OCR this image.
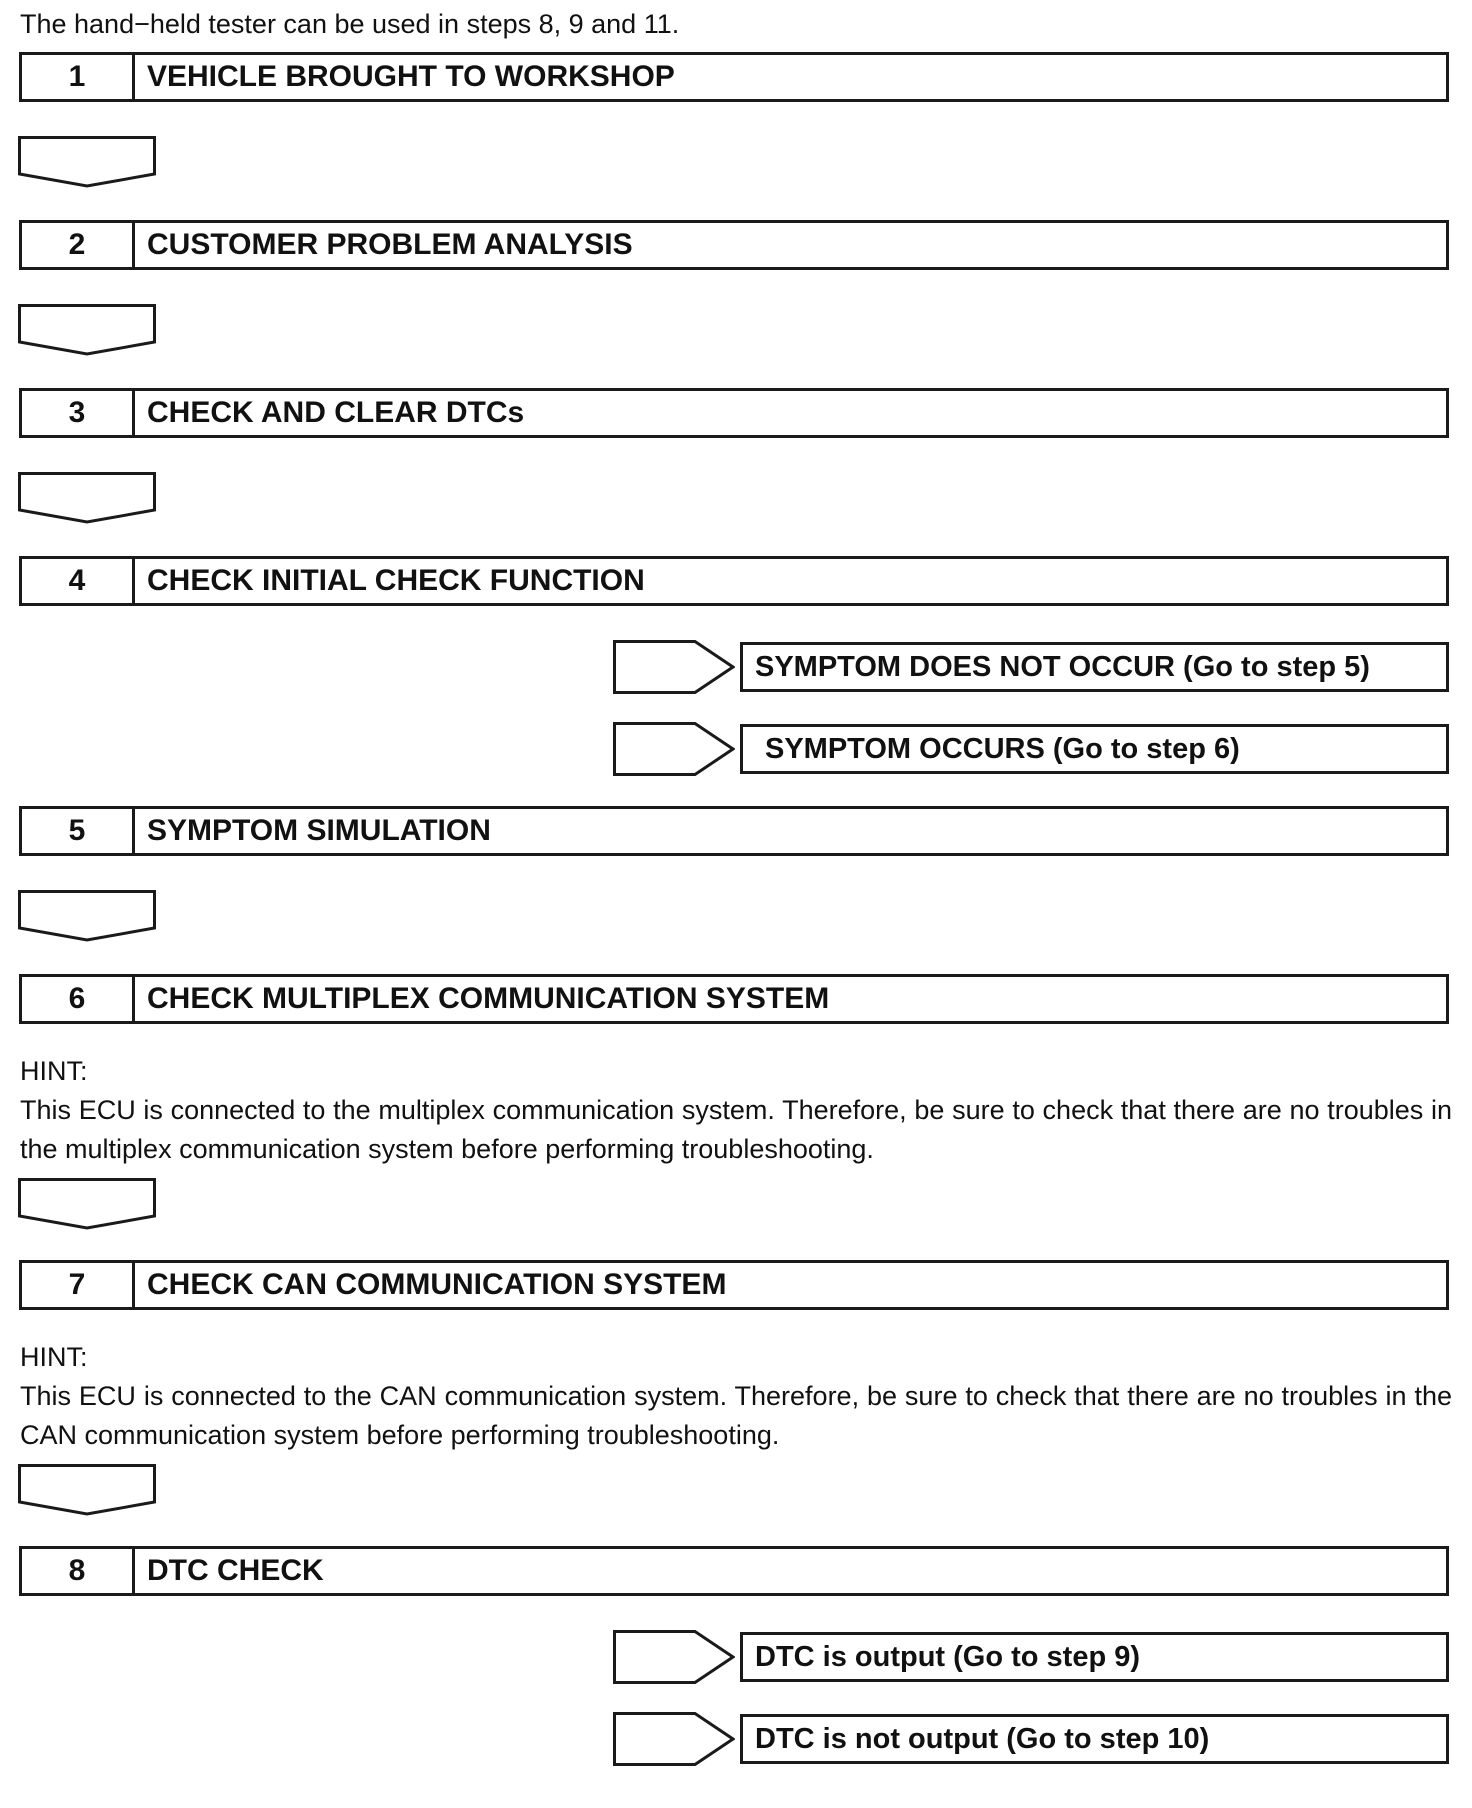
The hand−held tester can be used in steps 8, 9 and 11.
1	VEHICLE BROUGHT TO WORKSHOP
2	CUSTOMER PROBLEM ANALYSIS
3	CHECK AND CLEAR DTCs
4	CHECK INITIAL CHECK FUNCTION
SYMPTOM DOES NOT OCCUR (Go to step 5)
SYMPTOM OCCURS (Go to step 6)
5	SYMPTOM SIMULATION
6	CHECK MULTIPLEX COMMUNICATION SYSTEM
HINT:
This ECU is connected to the multiplex communication system. Therefore, be sure to check that there are no troubles in the multiplex communication system before performing troubleshooting.
7	CHECK CAN COMMUNICATION SYSTEM
HINT:
This ECU is connected to the CAN communication system. Therefore, be sure to check that there are no troubles in the CAN communication system before performing troubleshooting.
8	DTC CHECK
DTC is output (Go to step 9)
DTC is not output (Go to step 10)
